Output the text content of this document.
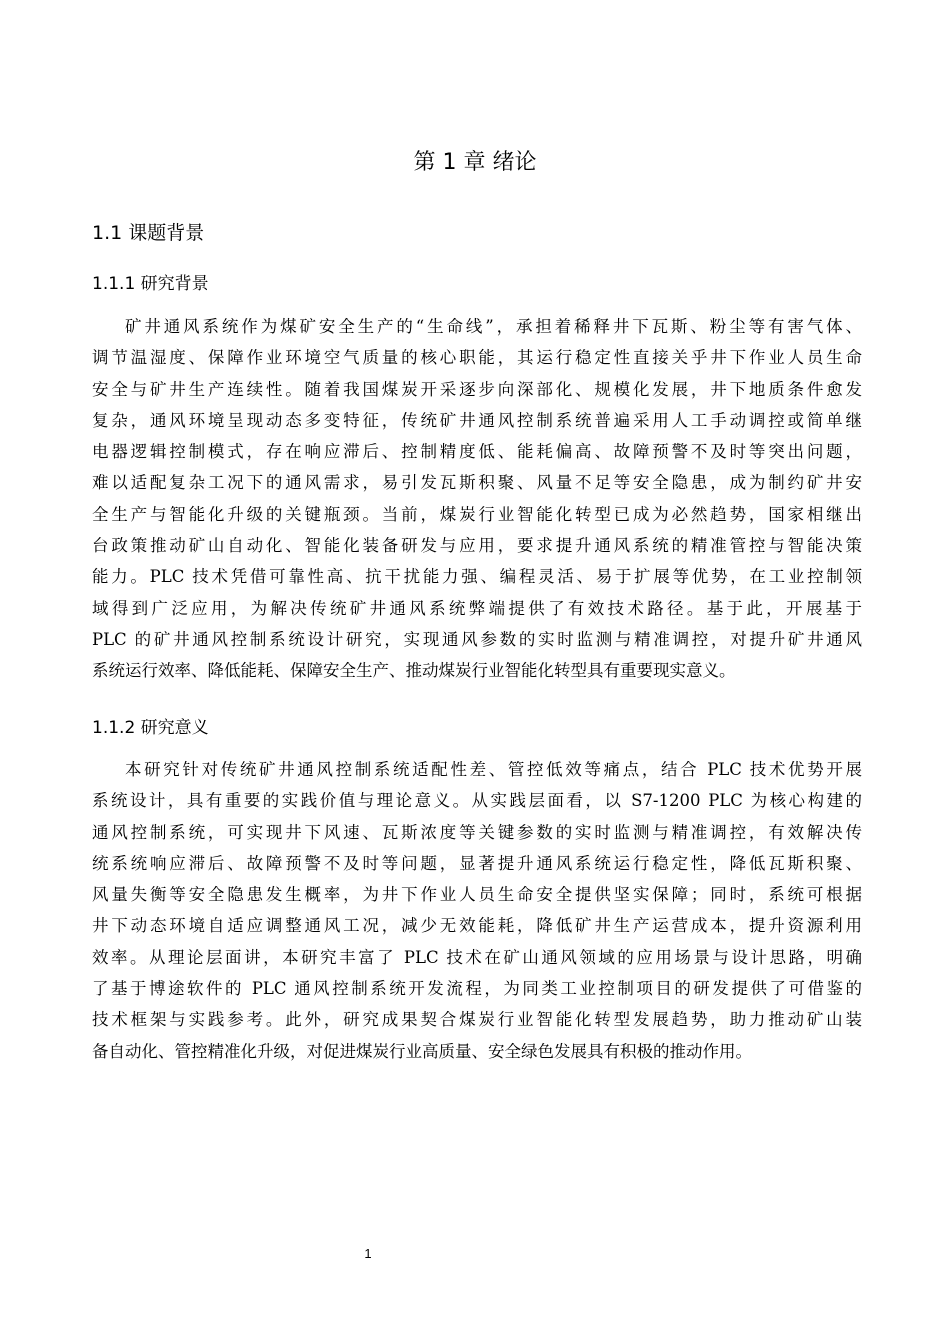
第 1 章 绪论
1.1 课题背景
1.1.1 研究背景
矿井通风系统作为煤矿安全生产的“生命线”，承担着稀释井下瓦斯、粉尘等有害气体、
调节温湿度、保障作业环境空气质量的核心职能，其运行稳定性直接关乎井下作业人员生命
安全与矿井生产连续性。随着我国煤炭开采逐步向深部化、规模化发展，井下地质条件愈发
复杂，通风环境呈现动态多变特征，传统矿井通风控制系统普遍采用人工手动调控或简单继
电器逻辑控制模式，存在响应滞后、控制精度低、能耗偏高、故障预警不及时等突出问题，
难以适配复杂工况下的通风需求，易引发瓦斯积聚、风量不足等安全隐患，成为制约矿井安
全生产与智能化升级的关键瓶颈。当前，煤炭行业智能化转型已成为必然趋势，国家相继出
台政策推动矿山自动化、智能化装备研发与应用，要求提升通风系统的精准管控与智能决策
能力。PLC 技术凭借可靠性高、抗干扰能力强、编程灵活、易于扩展等优势，在工业控制领
域得到广泛应用，为解决传统矿井通风系统弊端提供了有效技术路径。基于此，开展基于
PLC 的矿井通风控制系统设计研究，实现通风参数的实时监测与精准调控，对提升矿井通风
系统运行效率、降低能耗、保障安全生产、推动煤炭行业智能化转型具有重要现实意义。
1.1.2 研究意义
本研究针对传统矿井通风控制系统适配性差、管控低效等痛点，结合 PLC 技术优势开展
系统设计，具有重要的实践价值与理论意义。从实践层面看，以 S7-1200 PLC 为核心构建的
通风控制系统，可实现井下风速、瓦斯浓度等关键参数的实时监测与精准调控，有效解决传
统系统响应滞后、故障预警不及时等问题，显著提升通风系统运行稳定性，降低瓦斯积聚、
风量失衡等安全隐患发生概率，为井下作业人员生命安全提供坚实保障；同时，系统可根据
井下动态环境自适应调整通风工况，减少无效能耗，降低矿井生产运营成本，提升资源利用
效率。从理论层面讲，本研究丰富了 PLC 技术在矿山通风领域的应用场景与设计思路，明确
了基于博途软件的 PLC 通风控制系统开发流程，为同类工业控制项目的研发提供了可借鉴的
技术框架与实践参考。此外，研究成果契合煤炭行业智能化转型发展趋势，助力推动矿山装
备自动化、管控精准化升级，对促进煤炭行业高质量、安全绿色发展具有积极的推动作用。
1
